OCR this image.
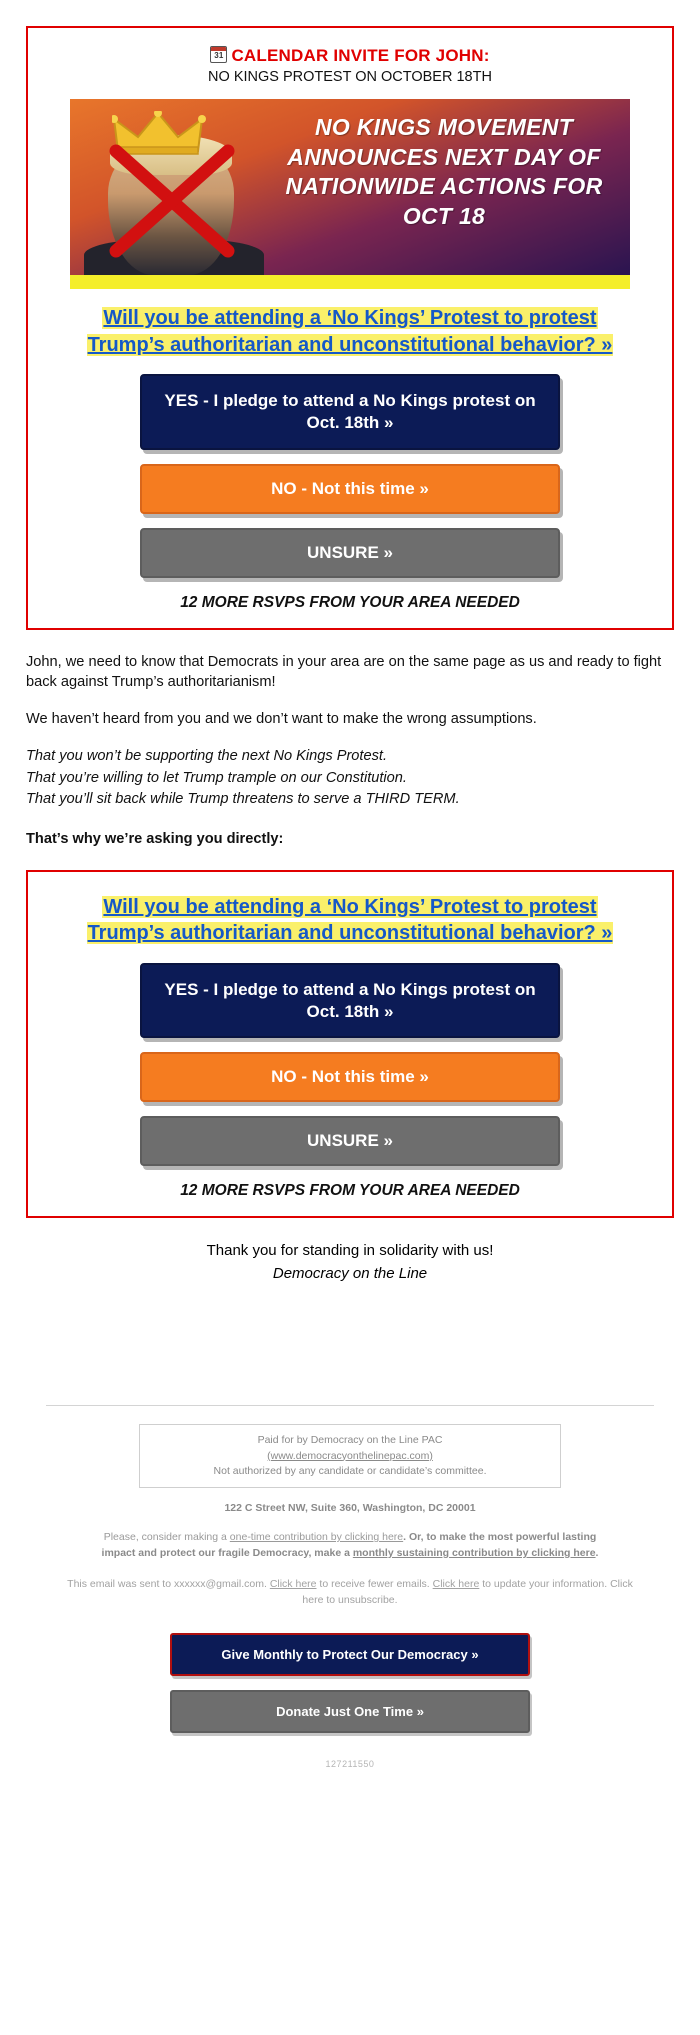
31 CALENDAR INVITE FOR JOHN:
NO KINGS PROTEST ON OCTOBER 18TH
NO KINGS MOVEMENT ANNOUNCES NEXT DAY OF NATIONWIDE ACTIONS FOR OCT 18
Will you be attending a ‘No Kings’ Protest to protest Trump’s authoritarian and unconstitutional behavior? »
YES - I pledge to attend a No Kings protest on Oct. 18th »
NO - Not this time »
UNSURE »
12 MORE RSVPS FROM YOUR AREA NEEDED

John, we need to know that Democrats in your area are on the same page as us and ready to fight back against Trump’s authoritarianism!

We haven’t heard from you and we don’t want to make the wrong assumptions.

That you won’t be supporting the next No Kings Protest.
That you’re willing to let Trump trample on our Constitution.
That you’ll sit back while Trump threatens to serve a THIRD TERM.

That’s why we’re asking you directly:

Will you be attending a ‘No Kings’ Protest to protest Trump’s authoritarian and unconstitutional behavior? »
YES - I pledge to attend a No Kings protest on Oct. 18th »
NO - Not this time »
UNSURE »
12 MORE RSVPS FROM YOUR AREA NEEDED
Thank you for standing in solidarity with us!
Democracy on the Line
Paid for by Democracy on the Line PAC
(www.democracyonthelinepac.com)
Not authorized by any candidate or candidate’s committee.
122 C Street NW, Suite 360, Washington, DC 20001
Please, consider making a one-time contribution by clicking here. Or, to make the most powerful lasting impact and protect our fragile Democracy, make a monthly sustaining contribution by clicking here.
This email was sent to xxxxxx@gmail.com. Click here to receive fewer emails. Click here to update your information. Click here to unsubscribe.
Give Monthly to Protect Our Democracy »
Donate Just One Time »
127211550
